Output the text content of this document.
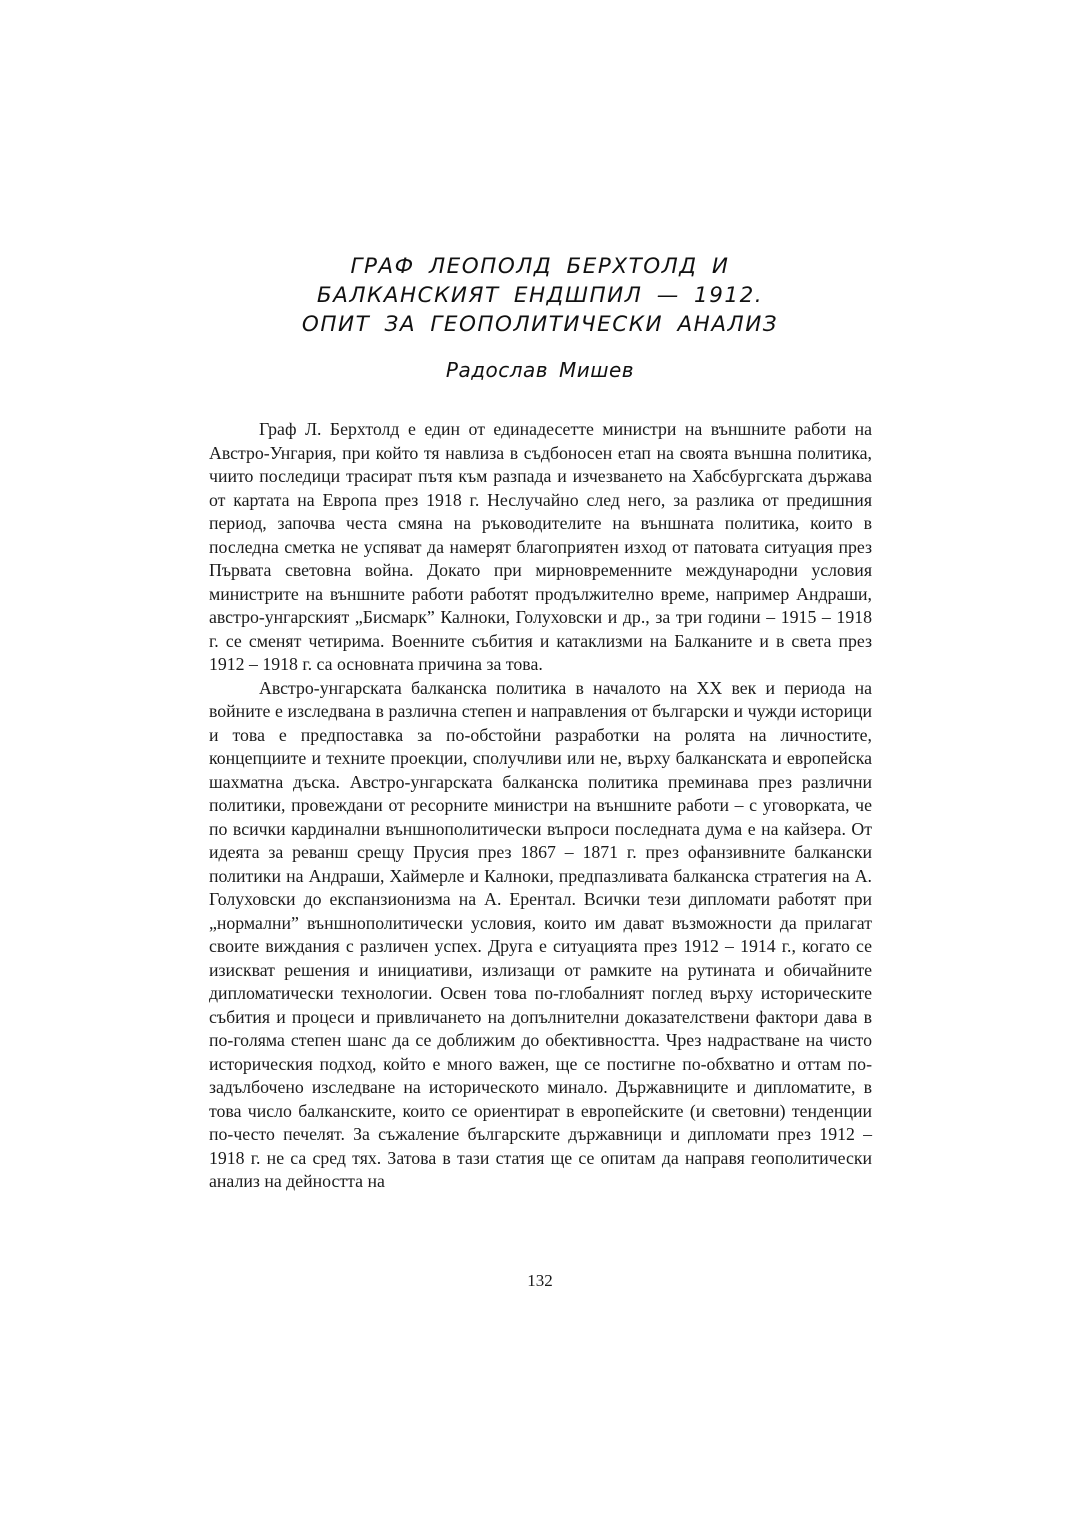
ГРАФ ЛЕОПОЛД БЕРХТОЛД И
БАЛКАНСКИЯТ ЕНДШПИЛ — 1912.
ОПИТ ЗА ГЕОПОЛИТИЧЕСКИ АНАЛИЗ
Радослав Мишев

Граф Л. Берхтолд е един от единадесетте министри на външните работи на Австро-Унгария, при който тя навлиза в съдбоносен етап на своята външна политика, чиито последици трасират пътя към разпада и изчезването на Хабсбургската държава от картата на Европа през 1918 г. Неслучайно след него, за разлика от предишния период, започва честа смяна на ръководителите на външната политика, които в последна сметка не успяват да намерят благоприятен изход от патовата ситуация през Първата световна война. Докато при мирновременните международни условия министрите на външните работи работят продължително време, например Андраши, австро-унгарският „Бисмарк” Калноки, Голуховски и др., за три години – 1915 – 1918 г. се сменят четирима. Военните събития и катаклизми на Балканите и в света през 1912 – 1918 г. са основната причина за това.

Австро-унгарската балканска политика в началото на XX век и периода на войните е изследвана в различна степен и направления от български и чужди историци и това е предпоставка за по-обстойни разработки на ролята на личностите, концепциите и техните проекции, сполучливи или не, върху балканската и европейска шахматна дъска. Австро-унгарската балканска политика преминава през различни политики, провеждани от ресорните министри на външните работи – с уговорката, че по всички кардинални външнополитически въпроси последната дума е на кайзера. От идеята за реванш срещу Прусия през 1867 – 1871 г. през офанзивните балкански политики на Андраши, Хаймерле и Калноки, предпазливата балканска стратегия на А. Голуховски до експанзионизма на А. Ерентал. Всички тези дипломати работят при „нормални” външнополитически условия, които им дават възможности да прилагат своите виждания с различен успех. Друга е ситуацията през 1912 – 1914 г., когато се изискват решения и инициативи, излизащи от рамките на рутината и обичайните дипломатически технологии. Освен това по-глобалният поглед върху историческите събития и процеси и привличането на допълнителни доказателствени фактори дава в по-голяма степен шанс да се доближим до обективността. Чрез надрастване на чисто историческия подход, който е много важен, ще се постигне по-обхватно и оттам по-задълбочено изследване на историческото минало. Държавниците и дипломатите, в това число балканските, които се ориентират в европейските (и световни) тенденции по-често печелят. За съжаление българските държавници и дипломати през 1912 – 1918 г. не са сред тях. Затова в тази статия ще се опитам да направя геополитически анализ на дейността на

132
